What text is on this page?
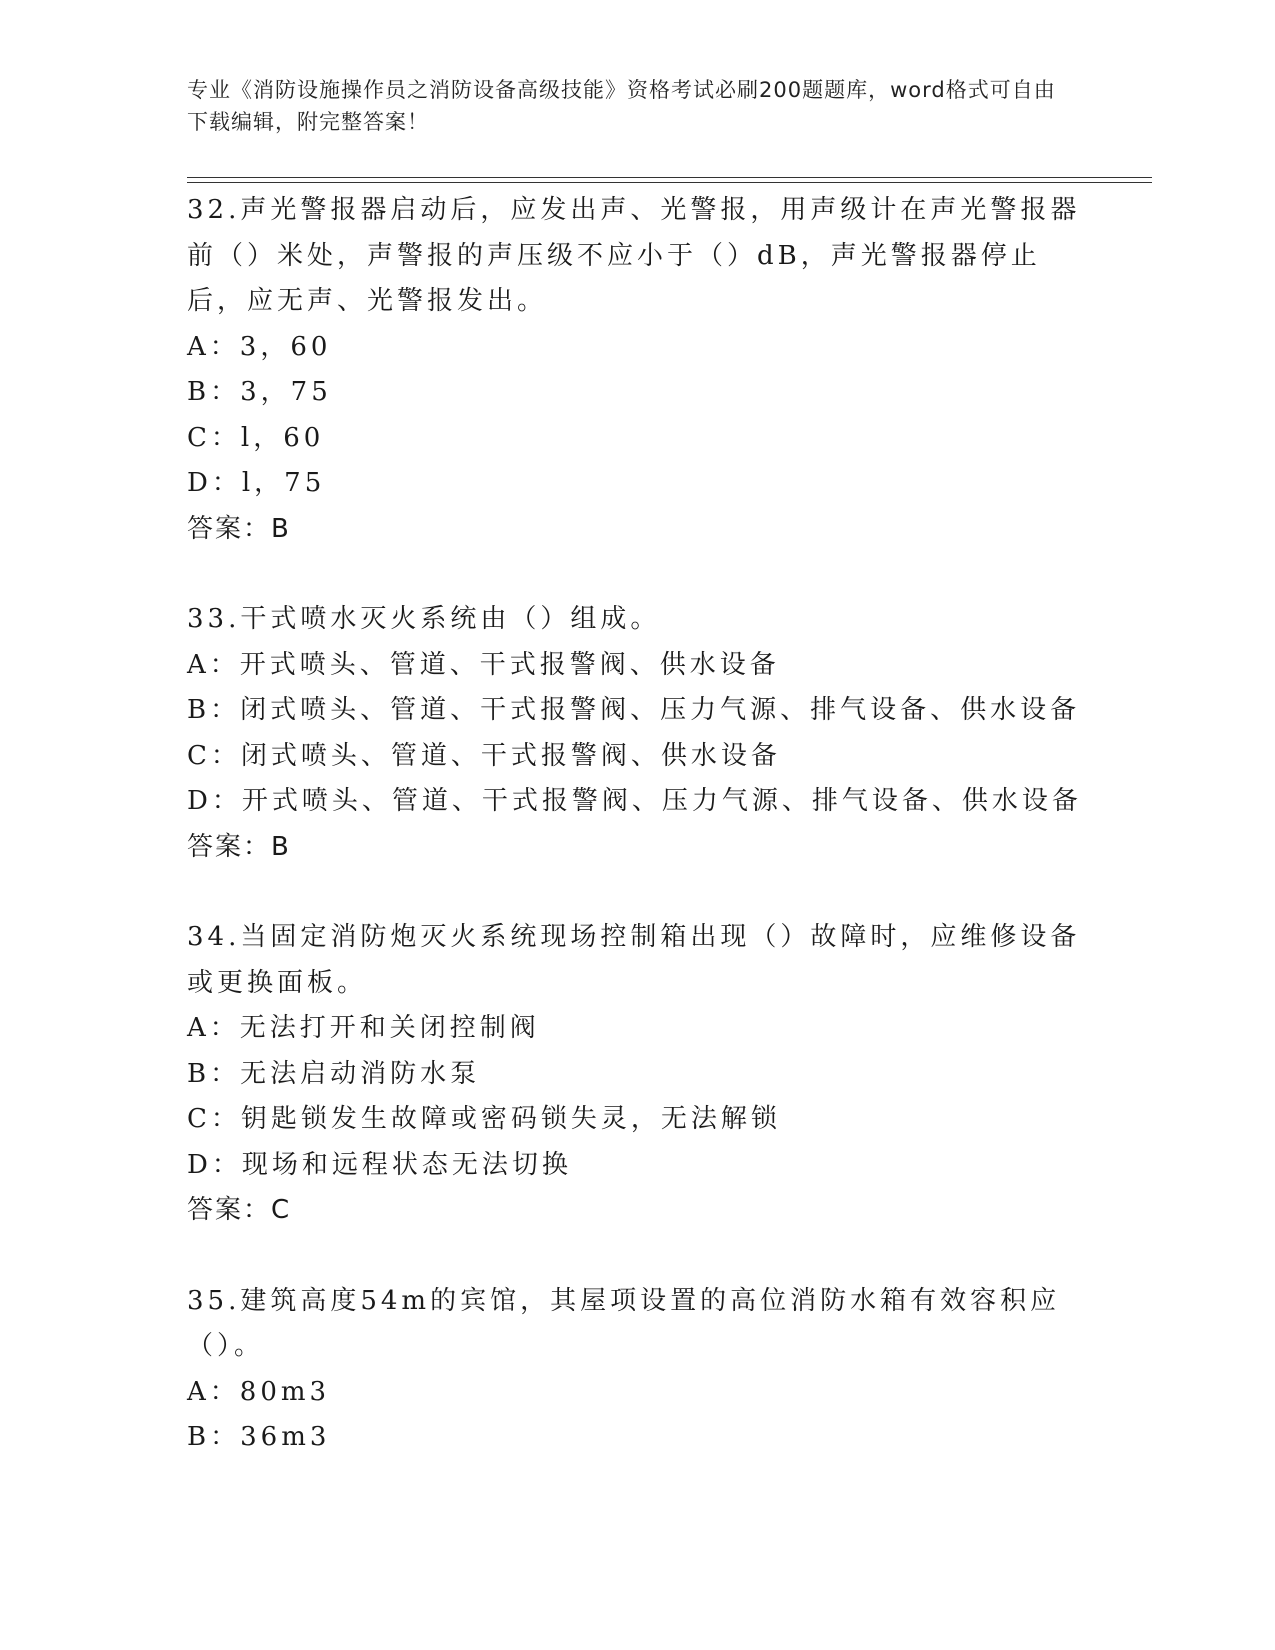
专业《消防设施操作员之消防设备高级技能》资格考试必刷200题题库，word格式可自由下载编辑，附完整答案！
32.声光警报器启动后，应发出声、光警报，用声级计在声光警报器前（）米处，声警报的声压级不应小于（）dB，声光警报器停止后，应无声、光警报发出。
A：3，60
B：3，75
C：l，60
D：l，75
答案：B
33.干式喷水灭火系统由（）组成。
A：开式喷头、管道、干式报警阀、供水设备
B：闭式喷头、管道、干式报警阀、压力气源、排气设备、供水设备
C：闭式喷头、管道、干式报警阀、供水设备
D：开式喷头、管道、干式报警阀、压力气源、排气设备、供水设备
答案：B
34.当固定消防炮灭火系统现场控制箱出现（）故障时，应维修设备或更换面板。
A：无法打开和关闭控制阀
B：无法启动消防水泵
C：钥匙锁发生故障或密码锁失灵，无法解锁
D：现场和远程状态无法切换
答案：C
35.建筑高度54m的宾馆，其屋项设置的高位消防水箱有效容积应（）。
A：80m3
B：36m3
